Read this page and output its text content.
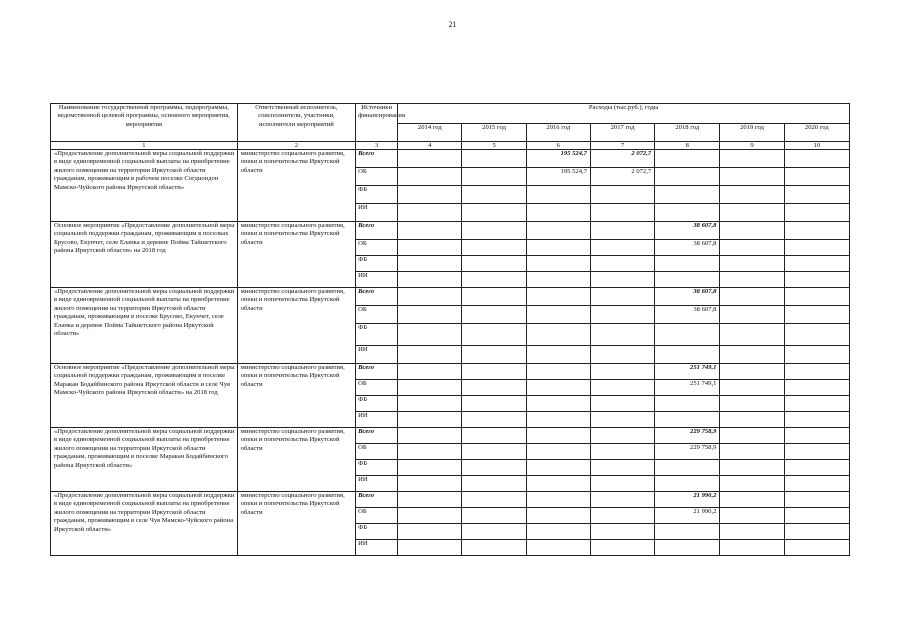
21
Наименование государственной программы, подпрограммы, ведомственной целевой программы, основного мероприятия, мероприятия	Ответственный исполнитель, соисполнители, участники, исполнители мероприятий	Источники финансирования	Расходы (тыс.руб.), годы						
			2014 год	2015 год	2016 год	2017 год	2018 год	2019 год	2020 год
1	2	3	4	5	6	7	8	9	10
«Предоставление дополнительной меры социальной поддержки в виде единовременной социальной выплаты на приобретение жилого помещения на территории Иркутской области гражданам, проживающим в рабочем поселке Согдиондон Мамско-Чуйского района Иркутской области»	министерство социального развития, опеки и попечительства Иркутской области	Всего			195 524,7	2 072,7			
		ОБ			195 524,7	2 072,7			
		ФБ							
		ИИ							
Основное мероприятие «Предоставление дополнительной меры социальной поддержки гражданам, проживающим в поселках Брусово, Екунчет, селе Еланка и деревне Пойма Тайшетского района Иркутской области» на 2018 год	министерство социального развития, опеки и попечительства Иркутской области	Всего					38 607,8		
		ОБ					38 607,8		
		ФБ							
		ИИ							
«Предоставление дополнительной меры социальной поддержки в виде единовременной социальной выплаты на приобретение жилого помещения на территории Иркутской области гражданам, проживающим в поселке Брусово, Екунчет, селе Еланка и деревне Пойма Тайшетского района Иркутской области»	министерство социального развития, опеки и попечительства Иркутской области	Всего					38 607,8		
		ОБ					38 607,8		
		ФБ							
		ИИ							
Основное мероприятие «Предоставление дополнительной меры социальной поддержки гражданам, проживающим в поселке Маракан Бодайбинского района Иркутской области и селе Чуя Мамско-Чуйского района Иркутской области» на 2018 год	министерство социального развития, опеки и попечительства Иркутской области	Всего					251 749,1		
		ОБ					251 749,1		
		ФБ							
		ИИ							
«Предоставление дополнительной меры социальной поддержки в виде единовременной социальной выплаты на приобретение жилого помещения на территории Иркутской области гражданам, проживающим в поселке Маракан Бодайбинского района Иркутской области»	министерство социального развития, опеки и попечительства Иркутской области	Всего					229 758,9		
		ОБ					229 758,9		
		ФБ							
		ИИ							
«Предоставление дополнительной меры социальной поддержки в виде единовременной социальной выплаты на приобретение жилого помещения на территории Иркутской области гражданам, проживающим в селе Чуя Мамско-Чуйского района Иркутской области»	министерство социального развития, опеки и попечительства Иркутской области	Всего					21 990,2		
		ОБ					21 990,2		
		ФБ							
		ИИ							
